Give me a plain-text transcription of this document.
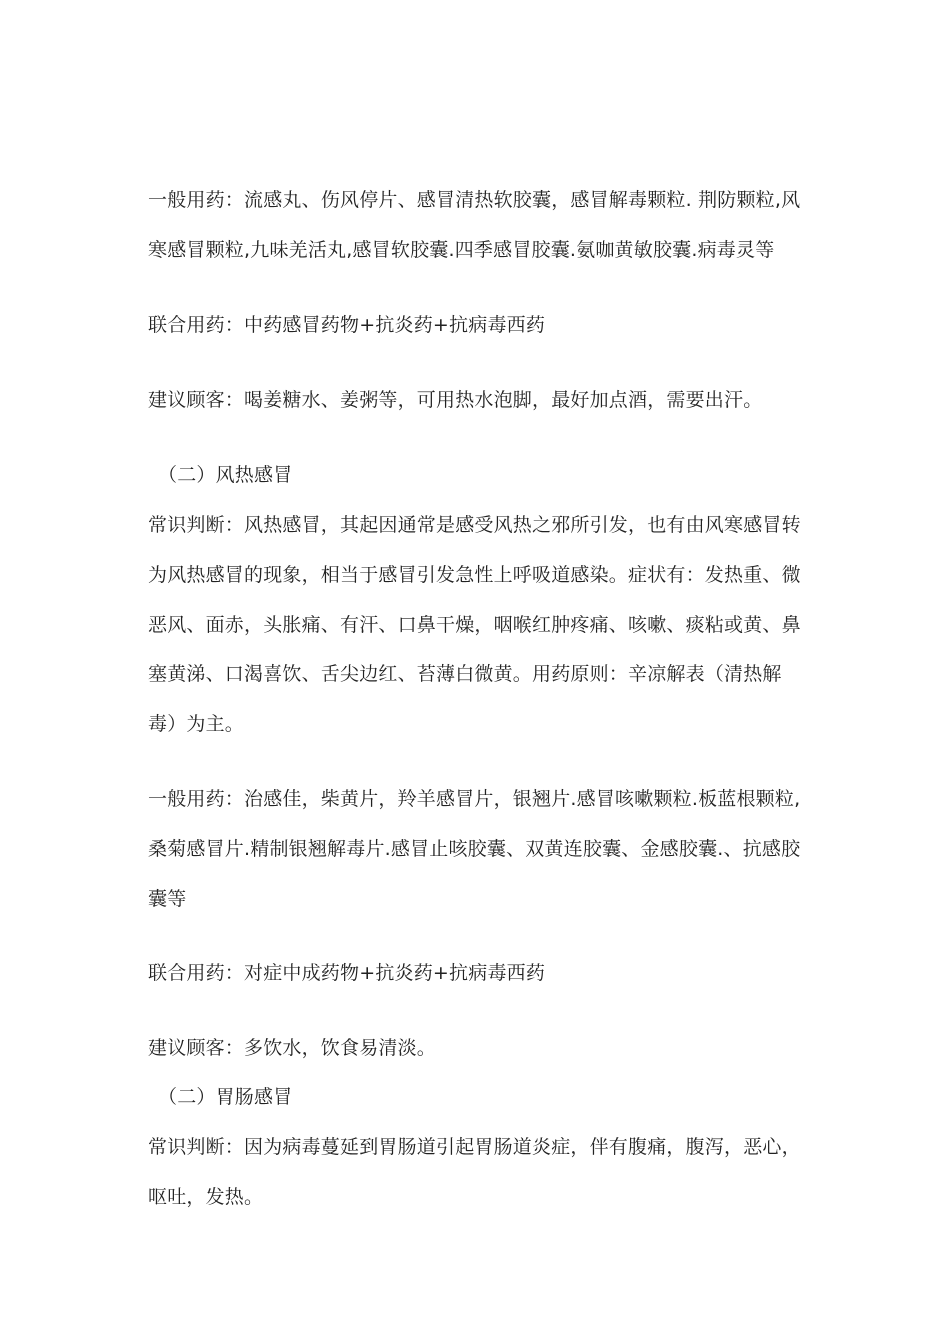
一般用药：流感丸、伤风停片、感冒清热软胶囊，感冒解毒颗粒. 荆防颗粒,风
寒感冒颗粒,九味羌活丸,感冒软胶囊.四季感冒胶囊.氨咖黄敏胶囊.病毒灵等
联合用药：中药感冒药物+抗炎药+抗病毒西药
建议顾客：喝姜糖水、姜粥等，可用热水泡脚，最好加点酒，需要出汗。
（二）风热感冒
常识判断：风热感冒，其起因通常是感受风热之邪所引发，也有由风寒感冒转
为风热感冒的现象，相当于感冒引发急性上呼吸道感染。症状有：发热重、微
恶风、面赤，头胀痛、有汗、口鼻干燥，咽喉红肿疼痛、咳嗽、痰粘或黄、鼻
塞黄涕、口渴喜饮、舌尖边红、苔薄白微黄。用药原则：辛凉解表（清热解
毒）为主。
一般用药：治感佳，柴黄片，羚羊感冒片，银翘片.感冒咳嗽颗粒.板蓝根颗粒,
桑菊感冒片.精制银翘解毒片.感冒止咳胶囊、双黄连胶囊、金感胶囊.、抗感胶
囊等
联合用药：对症中成药物+抗炎药+抗病毒西药
建议顾客：多饮水，饮食易清淡。
（二）胃肠感冒
常识判断：因为病毒蔓延到胃肠道引起胃肠道炎症，伴有腹痛，腹泻，恶心，
呕吐，发热。
